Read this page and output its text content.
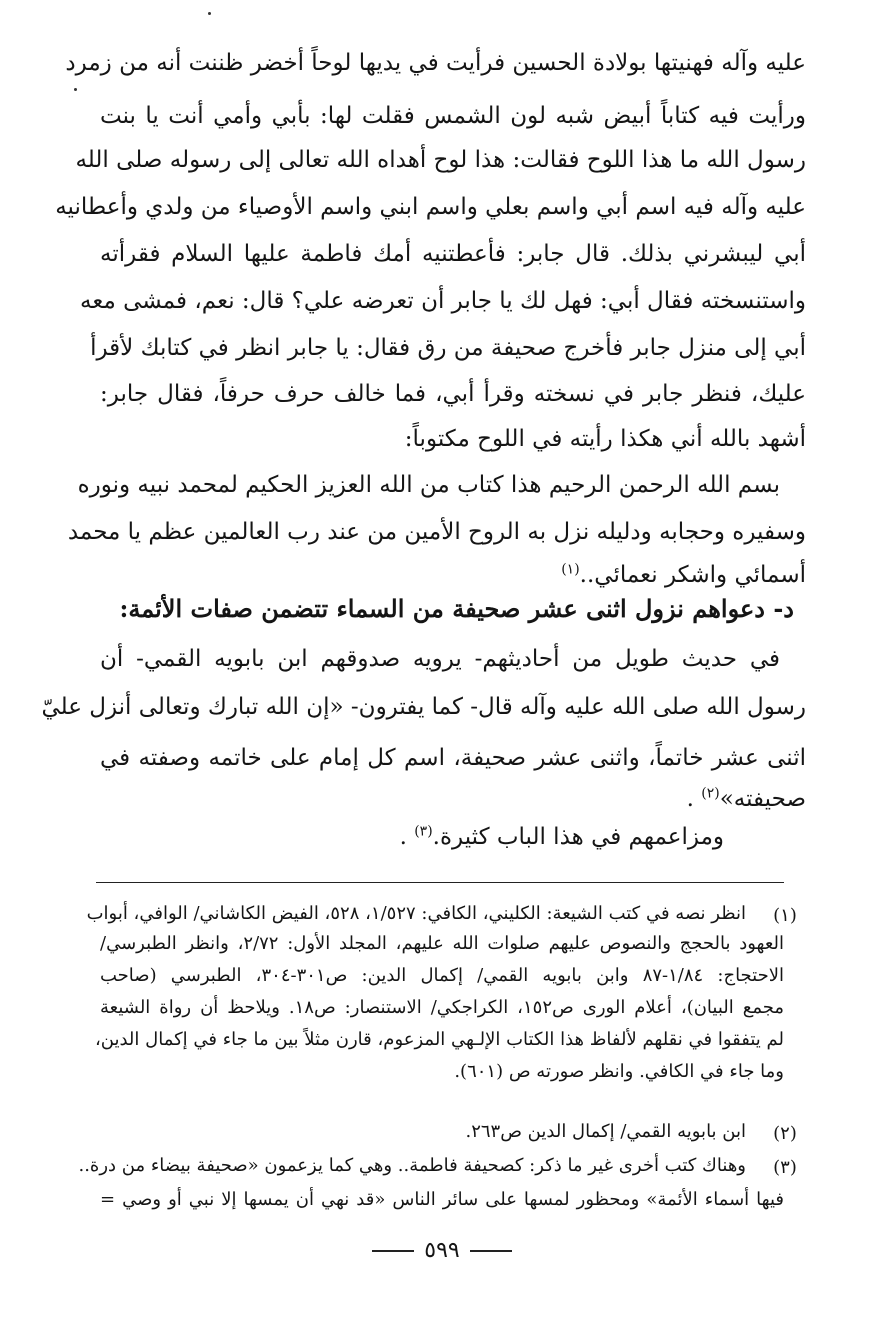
عليه وآله فهنيتها بولادة الحسين فرأيت في يديها لوحاً أخضر ظننت أنه من زمرد
ورأيت فيه كتاباً أبيض شبه لون الشمس فقلت لها: بأبي وأمي أنت يا بنت
رسول الله ما هذا اللوح فقالت: هذا لوح أهداه الله تعالى إلى رسوله صلى الله
عليه وآله فيه اسم أبي واسم بعلي واسم ابني واسم الأوصياء من ولدي وأعطانيه
أبي ليبشرني بذلك. قال جابر: فأعطتنيه أمك فاطمة عليها السلام فقرأته
واستنسخته فقال أبي: فهل لك يا جابر أن تعرضه علي؟ قال: نعم، فمشى معه
أبي إلى منزل جابر فأخرج صحيفة من رق فقال: يا جابر انظر في كتابك لأقرأ
عليك، فنظر جابر في نسخته وقرأ أبي، فما خالف حرف حرفاً، فقال جابر:
أشهد بالله أني هكذا رأيته في اللوح مكتوباً:
بسم الله الرحمن الرحيم هذا كتاب من الله العزيز الحكيم لمحمد نبيه ونوره
وسفيره وحجابه ودليله نزل به الروح الأمين من عند رب العالمين عظم يا محمد
أسمائي واشكر نعمائي..$^{(١)}$
د- دعواهم نزول اثنى عشر صحيفة من السماء تتضمن صفات الأئمة:
في حديث طويل من أحاديثهم- يرويه صدوقهم ابن بابويه القمي- أن
رسول الله صلى الله عليه وآله قال- كما يفترون- «إن الله تبارك وتعالى أنزل عليّ
اثنى عشر خاتماً، واثنى عشر صحيفة، اسم كل إمام على خاتمه وصفته في
صحيفته»$^{(٢)}$ .
ومزاعمهم في هذا الباب كثيرة.$^{(٣)}$ .
(١)
انظر نصه في كتب الشيعة: الكليني، الكافي: ١/٥٢٧، ٥٢٨، الفيض الكاشاني/ الوافي، أبواب
العهود بالحجج والنصوص عليهم صلوات الله عليهم، المجلد الأول: ٢/٧٢، وانظر الطبرسي/
الاحتجاج: ١/٨٤-٨٧ وابن بابويه القمي/ إكمال الدين: ص٣٠١-٣٠٤، الطبرسي (صاحب
مجمع البيان)، أعلام الورى ص١٥٢، الكراجكي/ الاستنصار: ص١٨. ويلاحظ أن رواة الشيعة
لم يتفقوا في نقلهم لألفاظ هذا الكتاب الإلـهي المزعوم، قارن مثلاً بين ما جاء في إكمال الدين،
وما جاء في الكافي. وانظر صورته ص (٦٠١).
(٢)
ابن بابويه القمي/ إكمال الدين ص٢٦٣.
(٣)
وهناك كتب أخرى غير ما ذكر: كصحيفة فاطمة.. وهي كما يزعمون «صحيفة بيضاء من درة..
فيها أسماء الأئمة» ومحظور لمسها على سائر الناس «قد نهي أن يمسها إلا نبي أو وصي =
٥٩٩
